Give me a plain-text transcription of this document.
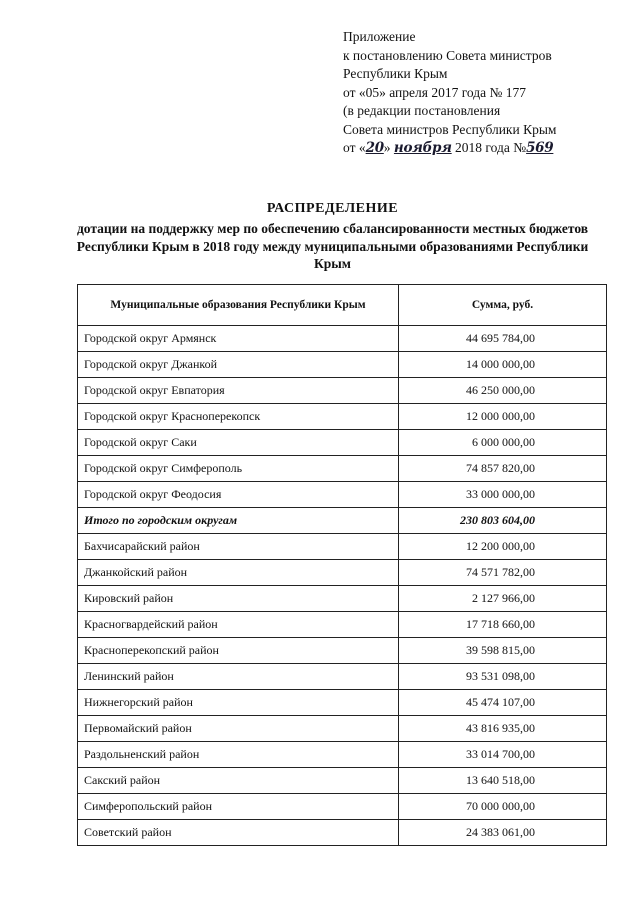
Приложение
к постановлению Совета министров
Республики Крым
от «05» апреля 2017 года № 177
(в редакции постановления
Совета министров Республики Крым
от «20» ноября 2018 года №569
РАСПРЕДЕЛЕНИЕ
дотации на поддержку мер по обеспечению сбалансированности местных бюджетов Республики Крым в 2018 году между муниципальными образованиями Республики Крым
Муниципальные образования Республики Крым	Сумма, руб.
Городской округ Армянск	44 695 784,00
Городской округ Джанкой	14 000 000,00
Городской округ Евпатория	46 250 000,00
Городской округ Красноперекопск	12 000 000,00
Городской округ Саки	6 000 000,00
Городской округ Симферополь	74 857 820,00
Городской округ Феодосия	33 000 000,00
Итого по городским округам	230 803 604,00
Бахчисарайский район	12 200 000,00
Джанкойский район	74 571 782,00
Кировский район	2 127 966,00
Красногвардейский район	17 718 660,00
Красноперекопский район	39 598 815,00
Ленинский район	93 531 098,00
Нижнегорский район	45 474 107,00
Первомайский район	43 816 935,00
Раздольненский район	33 014 700,00
Сакский район	13 640 518,00
Симферопольский район	70 000 000,00
Советский район	24 383 061,00
